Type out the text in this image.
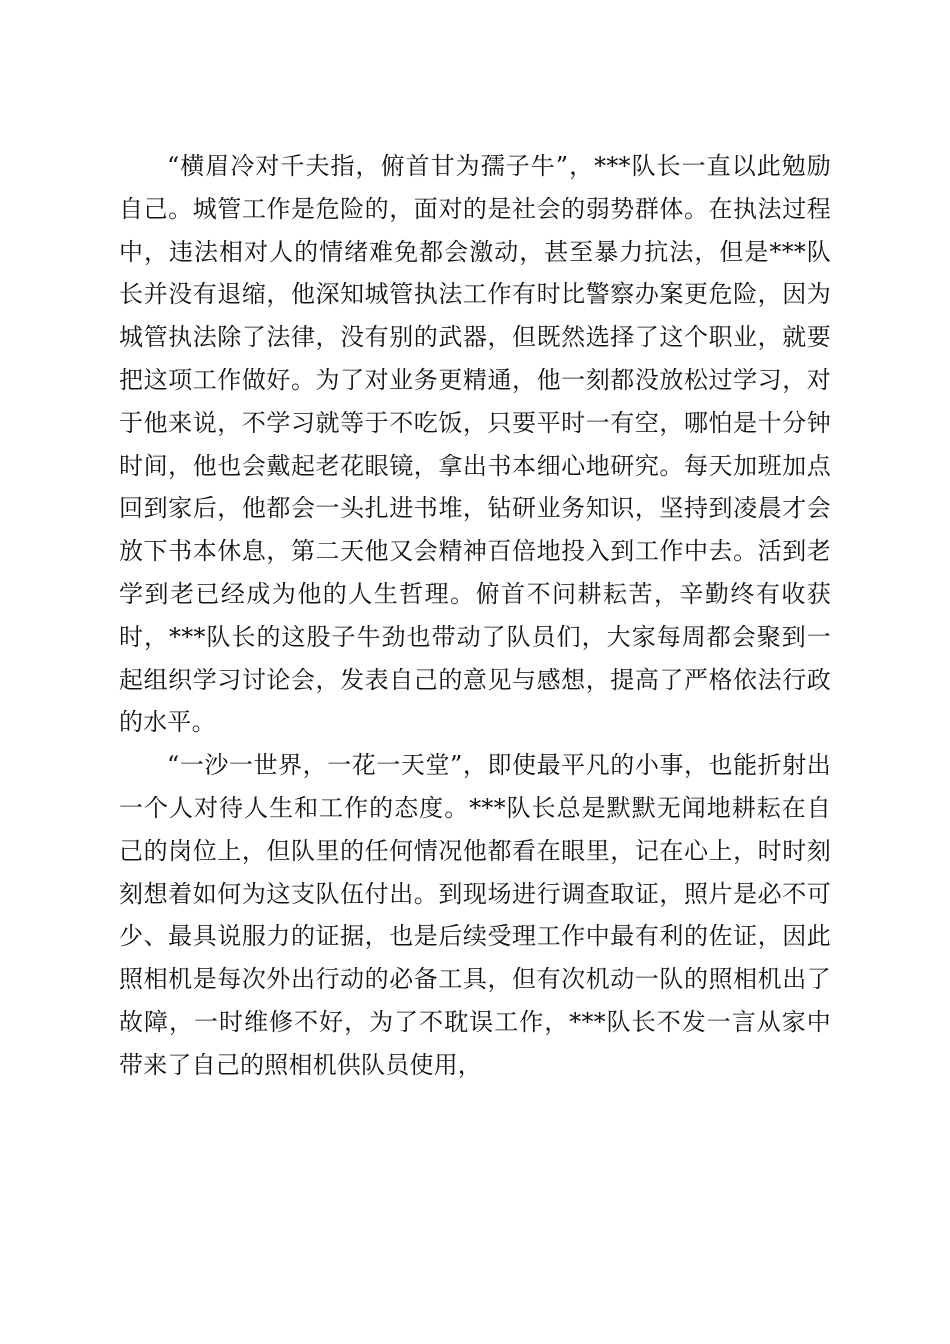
“横眉冷对千夫指，俯首甘为孺子牛”，***队长一直以此勉励自己。城管工作是危险的，面对的是社会的弱势群体。在执法过程中，违法相对人的情绪难免都会激动，甚至暴力抗法，但是***队长并没有退缩，他深知城管执法工作有时比警察办案更危险，因为城管执法除了法律，没有别的武器，但既然选择了这个职业，就要把这项工作做好。为了对业务更精通，他一刻都没放松过学习，对于他来说，不学习就等于不吃饭，只要平时一有空，哪怕是十分钟时间，他也会戴起老花眼镜，拿出书本细心地研究。每天加班加点回到家后，他都会一头扎进书堆，钻研业务知识，坚持到凌晨才会放下书本休息，第二天他又会精神百倍地投入到工作中去。活到老学到老已经成为他的人生哲理。俯首不问耕耘苦，辛勤终有收获时，***队长的这股子牛劲也带动了队员们，大家每周都会聚到一起组织学习讨论会，发表自己的意见与感想，提高了严格依法行政的水平。

“一沙一世界，一花一天堂”，即使最平凡的小事，也能折射出一个人对待人生和工作的态度。***队长总是默默无闻地耕耘在自己的岗位上，但队里的任何情况他都看在眼里，记在心上，时时刻刻想着如何为这支队伍付出。到现场进行调查取证，照片是必不可少、最具说服力的证据，也是后续受理工作中最有利的佐证，因此照相机是每次外出行动的必备工具，但有次机动一队的照相机出了故障，一时维修不好，为了不耽误工作，***队长不发一言从家中带来了自己的照相机供队员使用，
